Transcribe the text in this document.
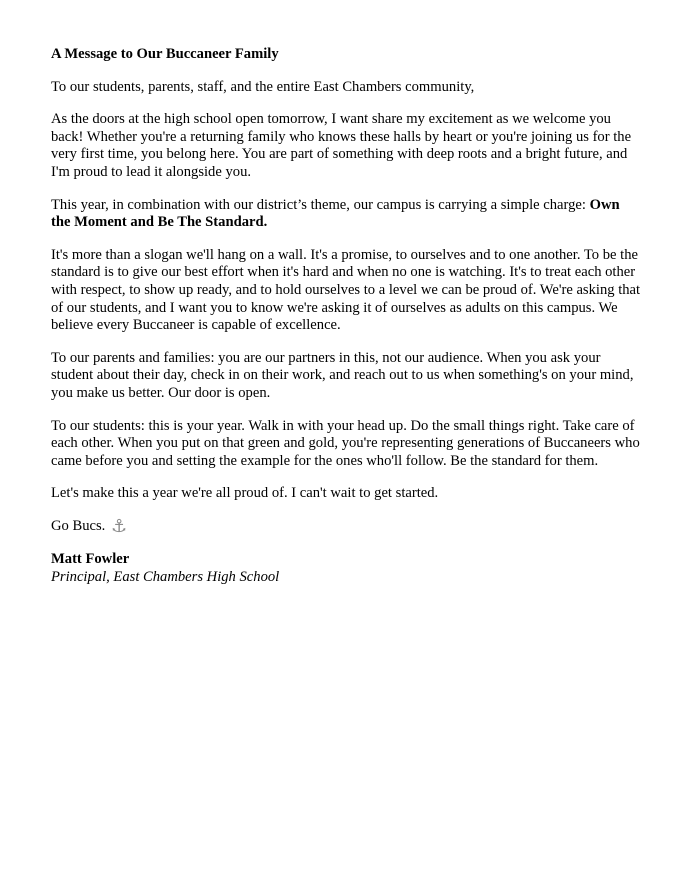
A Message to Our Buccaneer Family

To our students, parents, staff, and the entire East Chambers community,

As the doors at the high school open tomorrow, I want share my excitement as we welcome you back! Whether you're a returning family who knows these halls by heart or you're joining us for the very first time, you belong here. You are part of something with deep roots and a bright future, and I'm proud to lead it alongside you.

This year, in combination with our district’s theme, our campus is carrying a simple charge: Own the Moment and Be The Standard.

It's more than a slogan we'll hang on a wall. It's a promise, to ourselves and to one another. To be the standard is to give our best effort when it's hard and when no one is watching. It's to treat each other with respect, to show up ready, and to hold ourselves to a level we can be proud of. We're asking that of our students, and I want you to know we're asking it of ourselves as adults on this campus. We believe every Buccaneer is capable of excellence.

To our parents and families: you are our partners in this, not our audience. When you ask your student about their day, check in on their work, and reach out to us when something's on your mind, you make us better. Our door is open.

To our students: this is your year. Walk in with your head up. Do the small things right. Take care of each other. When you put on that green and gold, you're representing generations of Buccaneers who came before you and setting the example for the ones who'll follow. Be the standard for them.

Let's make this a year we're all proud of. I can't wait to get started.

Go Bucs. ⚓

Matt Fowler
Principal, East Chambers High School
